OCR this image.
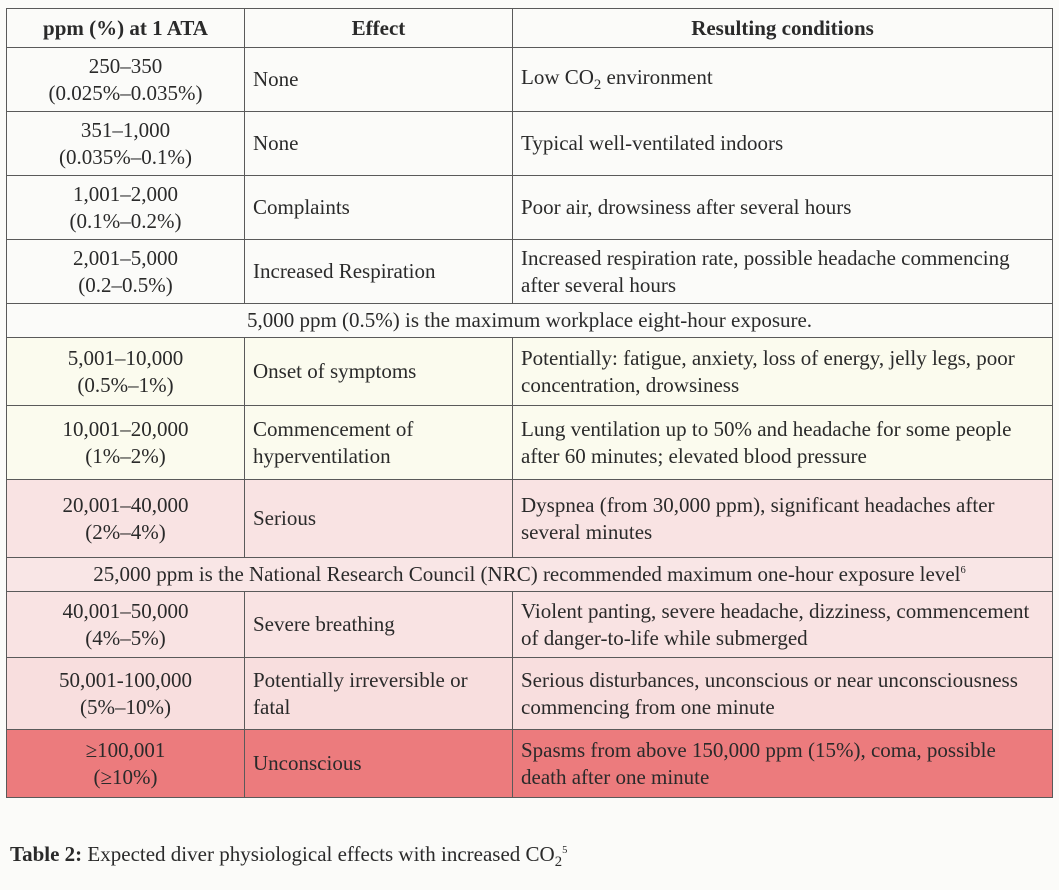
ppm (%) at 1 ATA	Effect	Resulting conditions

250–350
(0.025%–0.035%)	None	Low $CO_2$ environment

351–1,000
(0.035%–0.1%)	None	Typical well-ventilated indoors

1,001–2,000
(0.1%–0.2%)	Complaints	Poor air, drowsiness after several hours

2,001–5,000
(0.2–0.5%)	Increased Respiration	Increased respiration rate, possible headache commencing after several hours
5,000 ppm (0.5%) is the maximum workplace eight-hour exposure.		

5,001–10,000
(0.5%–1%)	Onset of symptoms	Potentially: fatigue, anxiety, loss of energy, jelly legs, poor concentration, drowsiness

10,001–20,000
(1%–2%)	Commencement of hyperventilation	Lung ventilation up to 50% and headache for some people after 60 minutes; elevated blood pressure

20,001–40,000
(2%–4%)	Serious	Dyspnea (from 30,000 ppm), significant headaches after several minutes
25,000 ppm is the National Research Council (NRC) recommended maximum one-hour exposure level$^6$

40,001–50,000
(4%–5%)	Severe breathing	Violent panting, severe headache, dizziness, commencement of danger-to-life while submerged

50,001-100,000
(5%–10%)	Potentially irreversible or fatal	Serious disturbances, unconscious or near unconsciousness commencing from one minute

≥100,001
(≥10%)	Unconscious	Spasms from above 150,000 ppm (15%), coma, possible death after one minute
Table 2: Expected diver physiological effects with increased $CO_2^5$
